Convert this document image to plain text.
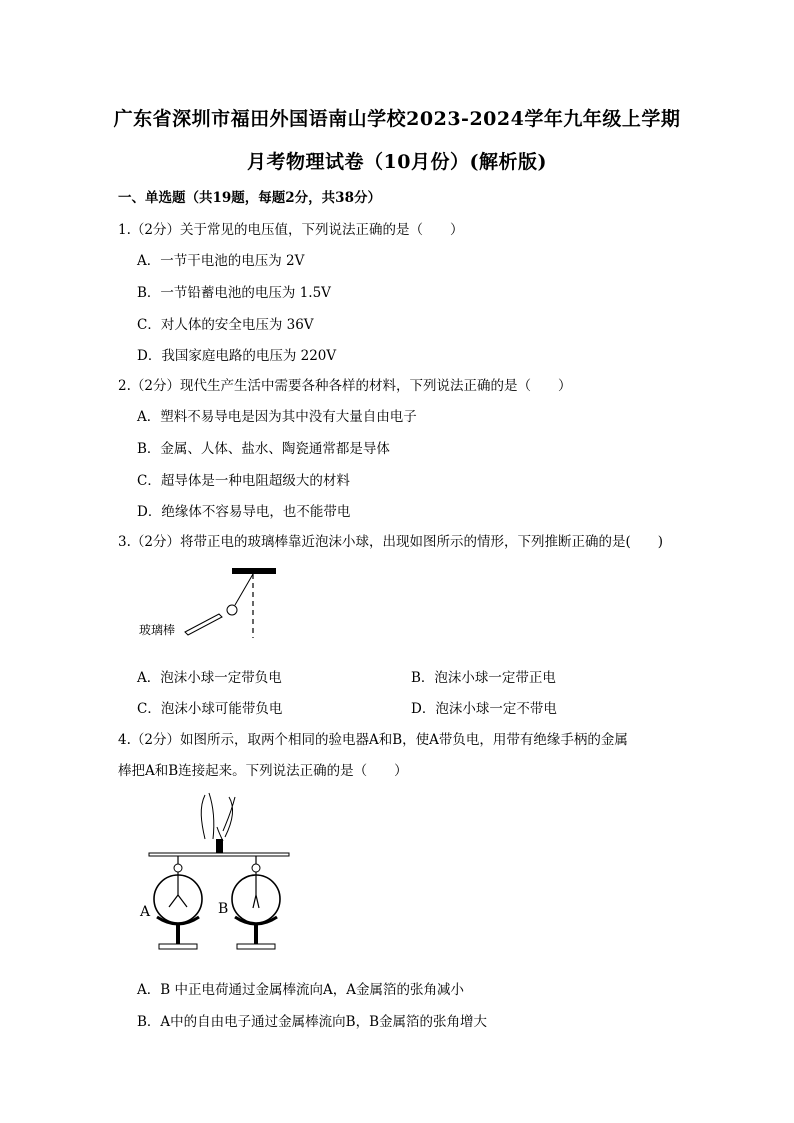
广东省深圳市福田外国语南山学校2023-2024学年九年级上学期
月考物理试卷（10月份）(解析版)
一、单选题（共19题，每题2分，共38分）
1.（2分）关于常见的电压值，下列说法正确的是（　　）
A．一节干电池的电压为 2V
B．一节铅蓄电池的电压为 1.5V
C．对人体的安全电压为 36V
D．我国家庭电路的电压为 220V
2.（2分）现代生产生活中需要各种各样的材料，下列说法正确的是（　　）
A．塑料不易导电是因为其中没有大量自由电子
B．金属、人体、盐水、陶瓷通常都是导体
C．超导体是一种电阻超级大的材料
D．绝缘体不容易导电，也不能带电
3.（2分）将带正电的玻璃棒靠近泡沫小球，出现如图所示的情形，下列推断正确的是(　　)
玻璃棒
A．泡沫小球一定带负电	B．泡沫小球一定带正电
C．泡沫小球可能带负电	D．泡沫小球一定不带电
4.（2分）如图所示，取两个相同的验电器A和B，使A带负电，用带有绝缘手柄的金属
棒把A和B连接起来。下列说法正确的是（　　）
A	B
A．B 中正电荷通过金属棒流向A，A金属箔的张角减小
B．A中的自由电子通过金属棒流向B，B金属箔的张角增大
